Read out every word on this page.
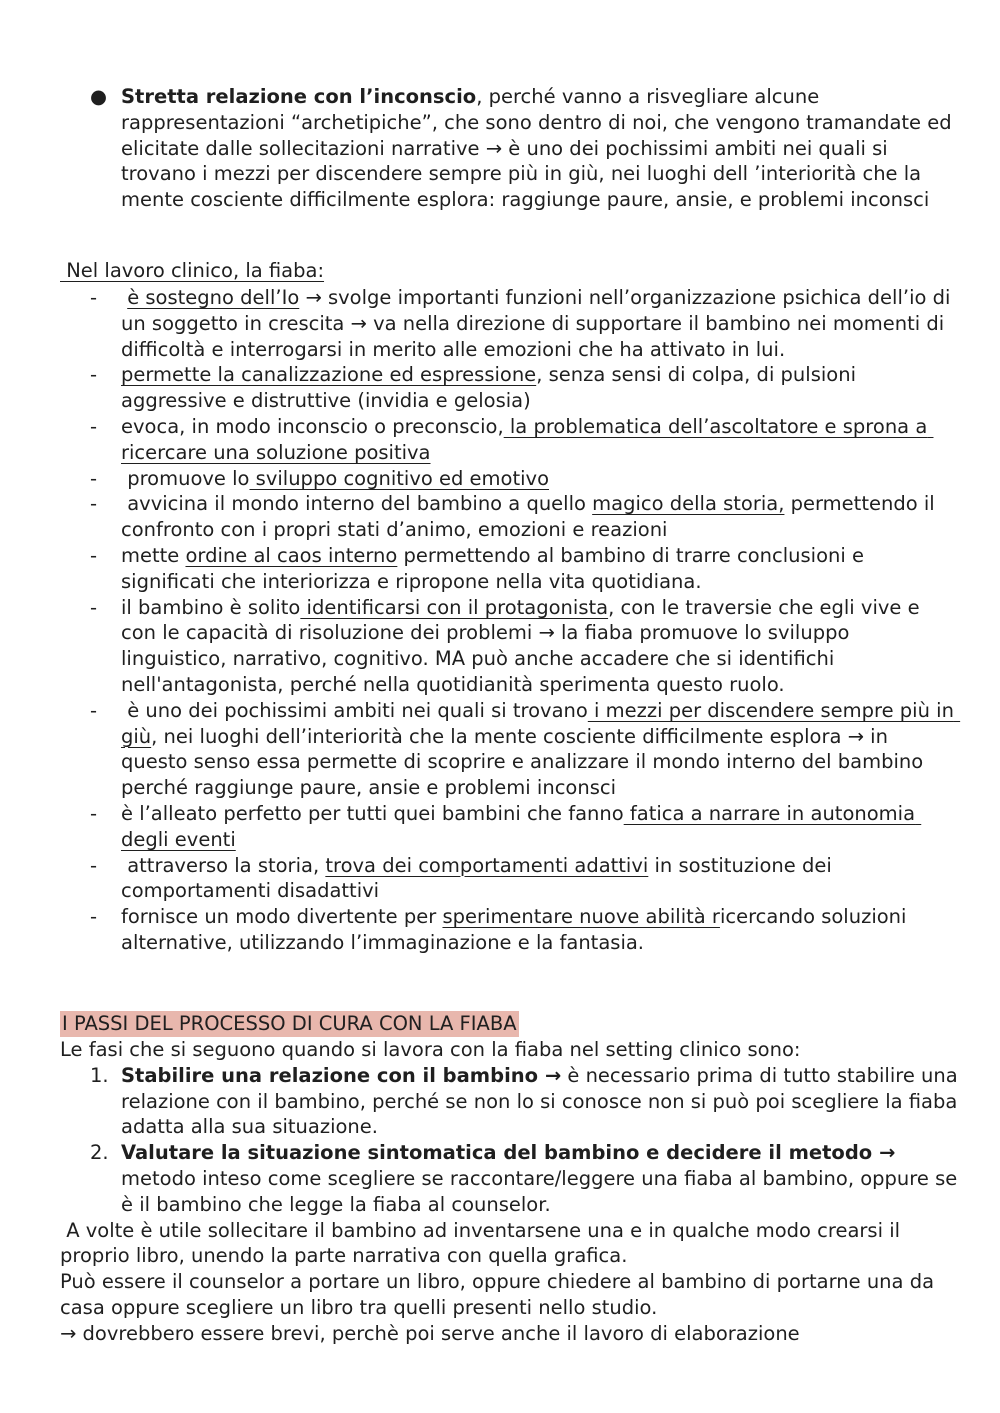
● Stretta relazione con l’inconscio, perché vanno a risvegliare alcune rappresentazioni “archetipiche”, che sono dentro di noi, che vengono tramandate ed elicitate dalle sollecitazioni narrative → è uno dei pochissimi ambiti nei quali si trovano i mezzi per discendere sempre più in giù, nei luoghi dell ’interiorità che la mente cosciente difficilmente esplora: raggiunge paure, ansie, e problemi inconsci
Nel lavoro clinico, la fiaba:
- è sostegno dell’Io → svolge importanti funzioni nell’organizzazione psichica dell’io di un soggetto in crescita → va nella direzione di supportare il bambino nei momenti di difficoltà e interrogarsi in merito alle emozioni che ha attivato in lui.
- permette la canalizzazione ed espressione, senza sensi di colpa, di pulsioni aggressive e distruttive (invidia e gelosia)
- evoca, in modo inconscio o preconscio, la problematica dell’ascoltatore e sprona a ricercare una soluzione positiva
- promuove lo sviluppo cognitivo ed emotivo
- avvicina il mondo interno del bambino a quello magico della storia, permettendo il confronto con i propri stati d’animo, emozioni e reazioni
- mette ordine al caos interno permettendo al bambino di trarre conclusioni e significati che interiorizza e ripropone nella vita quotidiana.
- il bambino è solito identificarsi con il protagonista, con le traversie che egli vive e con le capacità di risoluzione dei problemi → la fiaba promuove lo sviluppo linguistico, narrativo, cognitivo. MA può anche accadere che si identifichi nell'antagonista, perché nella quotidianità sperimenta questo ruolo.
- è uno dei pochissimi ambiti nei quali si trovano i mezzi per discendere sempre più in giù, nei luoghi dell’interiorità che la mente cosciente difficilmente esplora → in questo senso essa permette di scoprire e analizzare il mondo interno del bambino perché raggiunge paure, ansie e problemi inconsci
- è l’alleato perfetto per tutti quei bambini che fanno fatica a narrare in autonomia degli eventi
- attraverso la storia, trova dei comportamenti adattivi in sostituzione dei comportamenti disadattivi
- fornisce un modo divertente per sperimentare nuove abilità ricercando soluzioni alternative, utilizzando l’immaginazione e la fantasia.
I PASSI DEL PROCESSO DI CURA CON LA FIABA

Le fasi che si seguono quando si lavora con la fiaba nel setting clinico sono:

1. Stabilire una relazione con il bambino → è necessario prima di tutto stabilire una relazione con il bambino, perché se non lo si conosce non si può poi scegliere la fiaba adatta alla sua situazione.
2. Valutare la situazione sintomatica del bambino e decidere il metodo → metodo inteso come scegliere se raccontare/leggere una fiaba al bambino, oppure se è il bambino che legge la fiaba al counselor.

A volte è utile sollecitare il bambino ad inventarsene una e in qualche modo crearsi il proprio libro, unendo la parte narrativa con quella grafica.

Può essere il counselor a portare un libro, oppure chiedere al bambino di portarne una da casa oppure scegliere un libro tra quelli presenti nello studio.

→ dovrebbero essere brevi, perchè poi serve anche il lavoro di elaborazione
